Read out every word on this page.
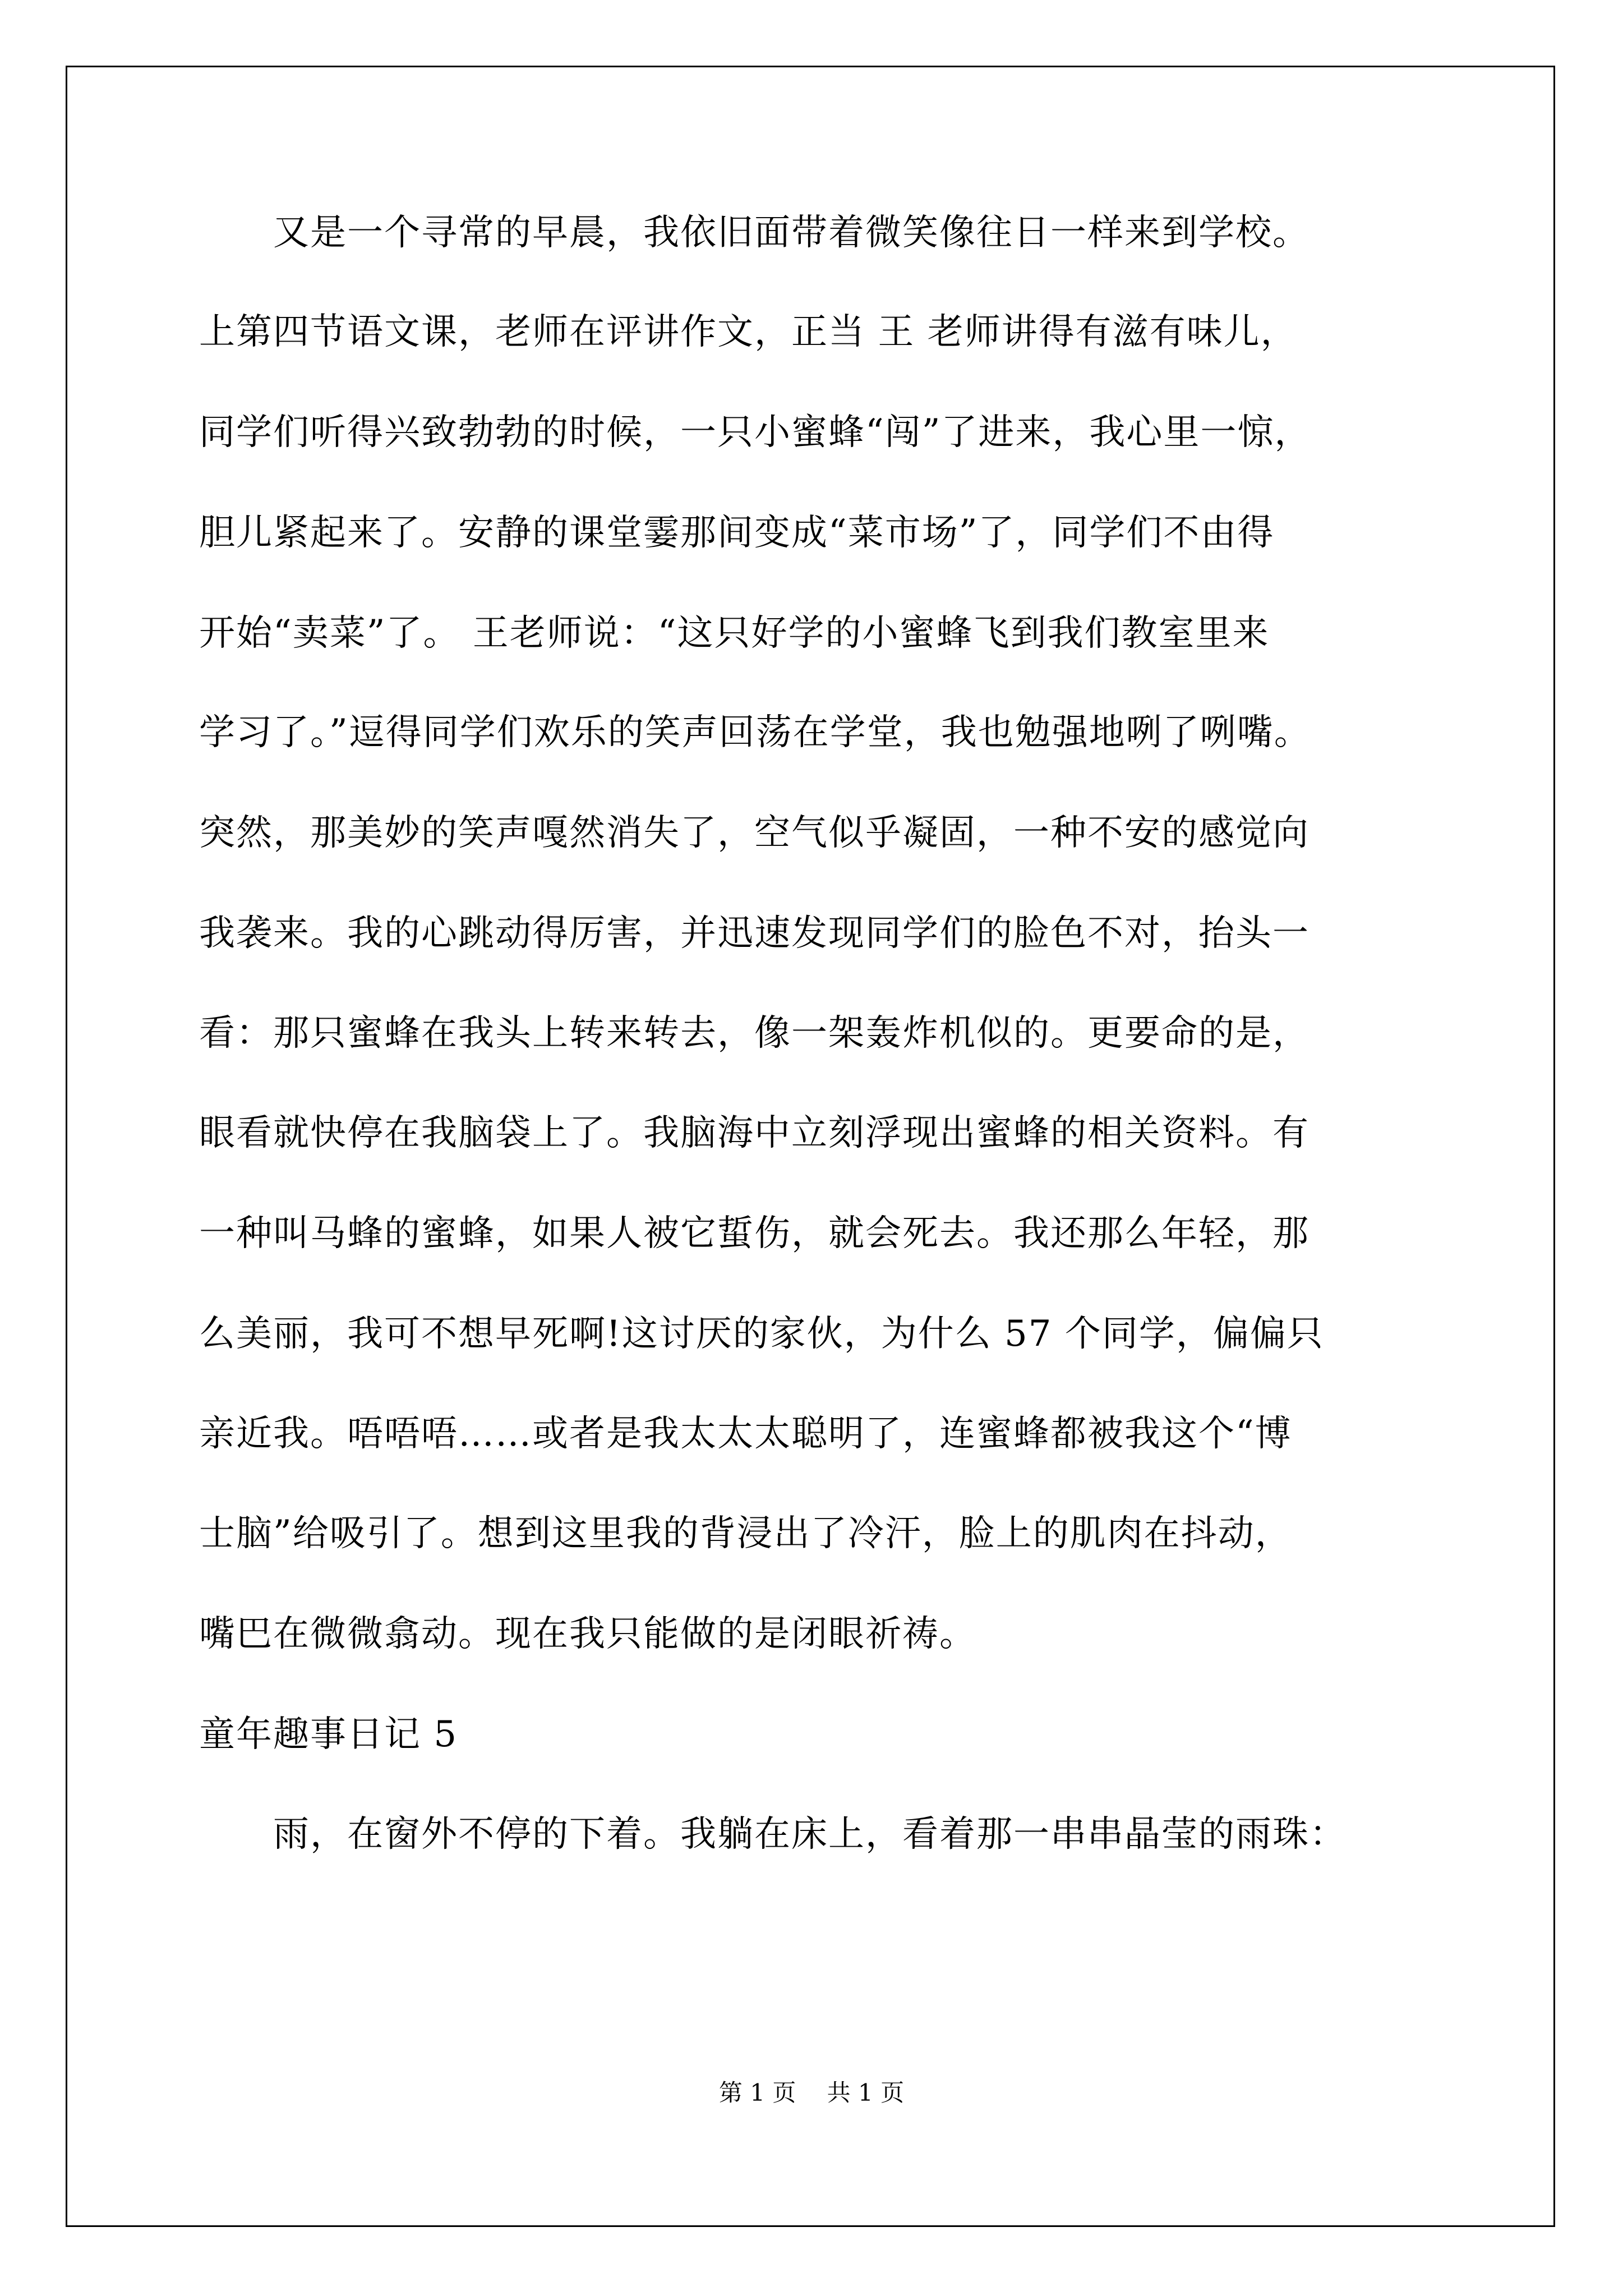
　　又是一个寻常的早晨，我依旧面带着微笑像往日一样来到学校。
上第四节语文课，老师在评讲作文，正当 王 老师讲得有滋有味儿，
同学们听得兴致勃勃的时候，一只小蜜蜂“闯”了进来，我心里一惊，
胆儿紧起来了。安静的课堂霎那间变成“菜市场”了，同学们不由得
开始“卖菜”了。 王老师说：“这只好学的小蜜蜂飞到我们教室里来
学习了。”逗得同学们欢乐的笑声回荡在学堂，我也勉强地咧了咧嘴。
突然，那美妙的笑声嘎然消失了，空气似乎凝固，一种不安的感觉向
我袭来。我的心跳动得厉害，并迅速发现同学们的脸色不对，抬头一
看：那只蜜蜂在我头上转来转去，像一架轰炸机似的。更要命的是，
眼看就快停在我脑袋上了。我脑海中立刻浮现出蜜蜂的相关资料。有
一种叫马蜂的蜜蜂，如果人被它蜇伤，就会死去。我还那么年轻，那
么美丽，我可不想早死啊!这讨厌的家伙，为什么 57 个同学，偏偏只
亲近我。唔唔唔……或者是我太太太聪明了，连蜜蜂都被我这个“博
士脑”给吸引了。想到这里我的背浸出了冷汗，脸上的肌肉在抖动，
嘴巴在微微翕动。现在我只能做的是闭眼祈祷。
童年趣事日记 5
　　雨，在窗外不停的下着。我躺在床上，看着那一串串晶莹的雨珠：
第 1 页　 共 1 页
